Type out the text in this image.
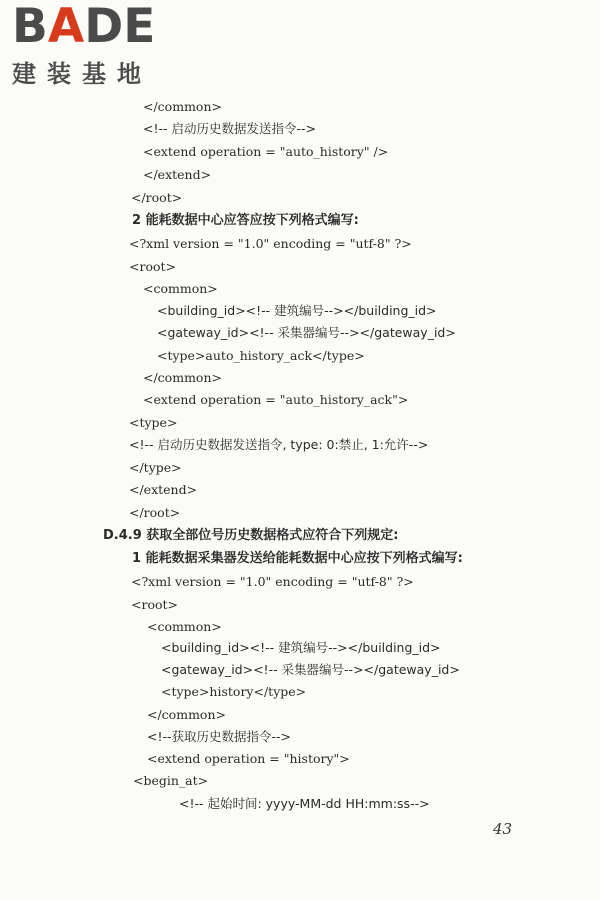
BADE
建装基地
</common>
<!-- 启动历史数据发送指令-->
<extend operation = "auto_history" />
</extend>
</root>
2 能耗数据中心应答应按下列格式编写:
<?xml version = "1.0" encoding = "utf-8" ?>
<root>
<common>
<building_id><!-- 建筑编号--></building_id>
<gateway_id><!-- 采集器编号--></gateway_id>
<type>auto_history_ack</type>
</common>
<extend operation = "auto_history_ack">
<type>
<!-- 启动历史数据发送指令, type: 0:禁止, 1:允许-->
</type>
</extend>
</root>
D.4.9 获取全部位号历史数据格式应符合下列规定:
1 能耗数据采集器发送给能耗数据中心应按下列格式编写:
<?xml version = "1.0" encoding = "utf-8" ?>
<root>
<common>
<building_id><!-- 建筑编号--></building_id>
<gateway_id><!-- 采集器编号--></gateway_id>
<type>history</type>
</common>
<!--获取历史数据指令-->
<extend operation = "history">
<begin_at>
<!-- 起始时间: yyyy-MM-dd HH:mm:ss-->
43
